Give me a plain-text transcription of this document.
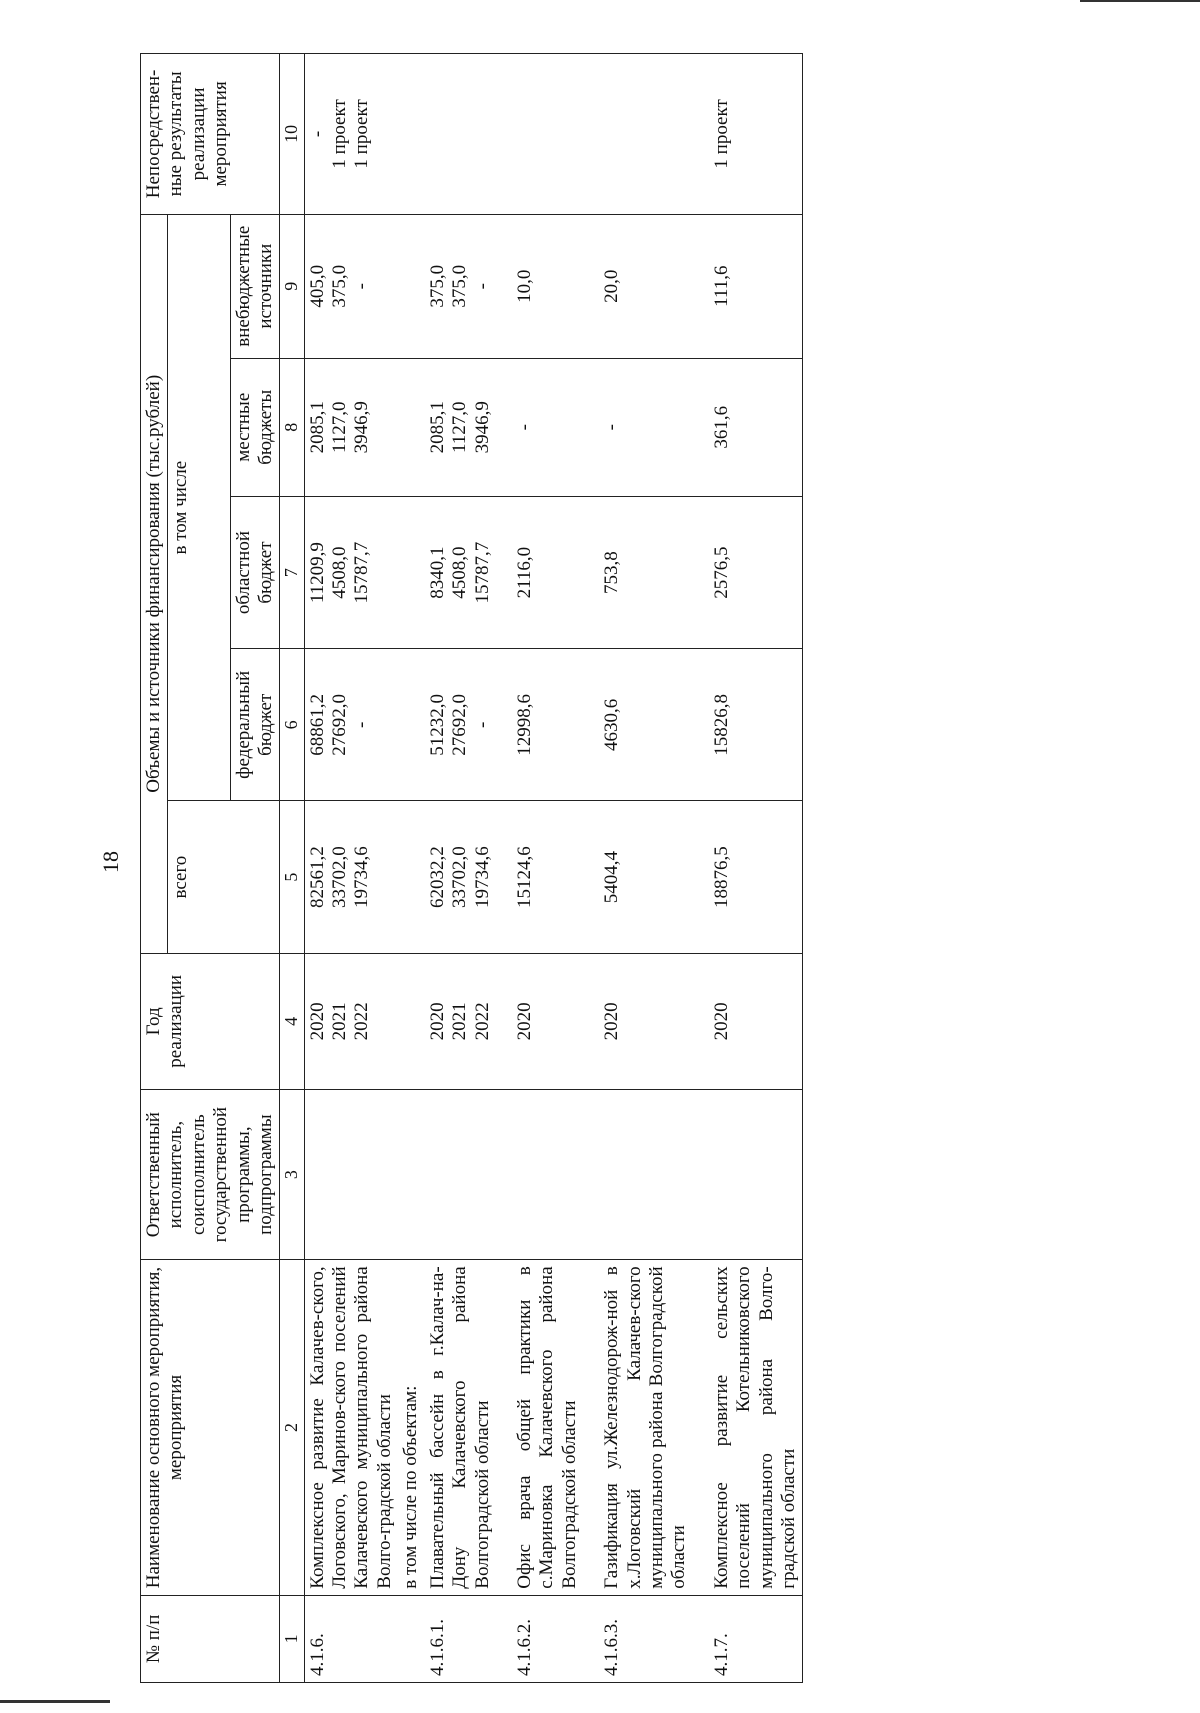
18
№ п/п	Наименование основного мероприятия, мероприятия	Ответственный исполнитель, соисполнитель государственной программы, подпрограммы	Год реализации	Объемы и источники финансирования (тыс.рублей)					Непосредствен-ные результаты реализации мероприятия
				всего	в том числе				
					федеральный бюджет	областной бюджет	местные бюджеты	внебюджетные источники	
1	2	3	4	5	6	7	8	9	10
4.1.6.	Комплексное развитие Калачев-ского, Логовского, Маринов-ского поселений Калачевского муниципального района Волго-градской области		2020
2021
2022	82561,2
33702,0
19734,6	68861,2
27692,0
-	11209,9
4508,0
15787,7	2085,1
1127,0
3946,9	405,0
375,0
-	-
1 проект
1 проект
	в том числе по объектам:								
4.1.6.1.	Плавательный бассейн в г.Калач-на-Дону Калачевского района Волгоградской области		2020
2021
2022	62032,2
33702,0
19734,6	51232,0
27692,0
-	8340,1
4508,0
15787,7	2085,1
1127,0
3946,9	375,0
375,0
-	
4.1.6.2.	Офис врача общей практики в с.Мариновка Калачевского района Волгоградской области		2020	15124,6	12998,6	2116,0	-	10,0	
4.1.6.3.	Газификация ул.Железнодорож-ной в х.Логовский Калачев-ского муниципального района Волгоградской области		2020	5404,4	4630,6	753,8	-	20,0	
4.1.7.	Комплексное развитие сельских поселений Котельниковского муниципального района Волго-градской области		2020	18876,5	15826,8	2576,5	361,6	111,6	1 проект
